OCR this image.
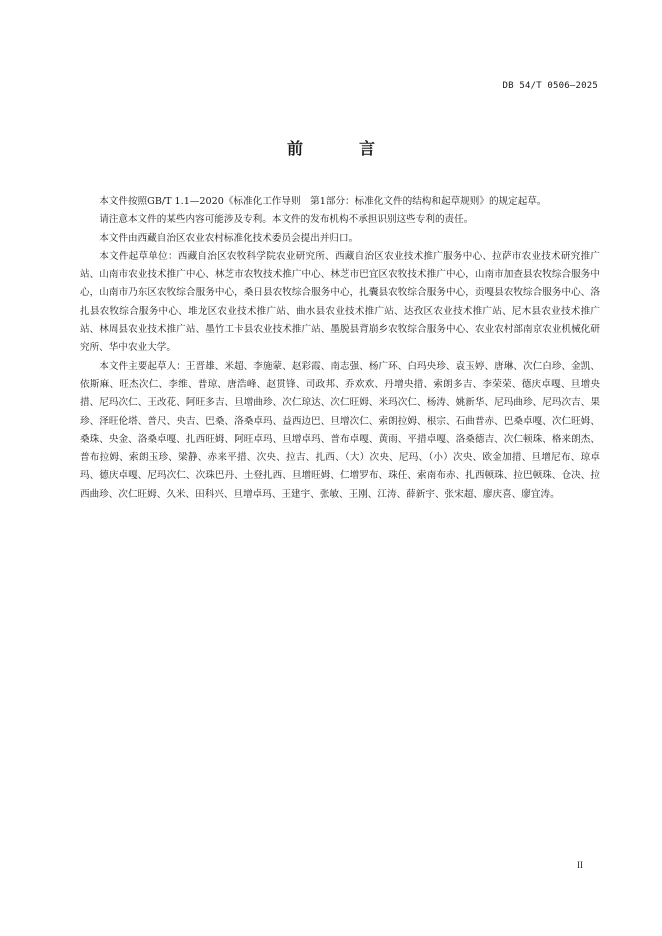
DB 54/T 0506—2025
前　言

本文件按照GB/T 1.1—2020《标准化工作导则　第1部分：标准化文件的结构和起草规则》的规定起草。

请注意本文件的某些内容可能涉及专利。本文件的发布机构不承担识别这些专利的责任。

本文件由西藏自治区农业农村标准化技术委员会提出并归口。

本文件起草单位：西藏自治区农牧科学院农业研究所、西藏自治区农业技术推广服务中心、拉萨市农业技术研究推广站、山南市农业技术推广中心、林芝市农牧技术推广中心、林芝市巴宜区农牧技术推广中心，山南市加查县农牧综合服务中心，山南市乃东区农牧综合服务中心，桑日县农牧综合服务中心，扎囊县农牧综合服务中心，贡嘎县农牧综合服务中心、洛扎县农牧综合服务中心、堆龙区农业技术推广站、曲水县农业技术推广站、达孜区农业技术推广站、尼木县农业技术推广站、林周县农业技术推广站、墨竹工卡县农业技术推广站、墨脱县背崩乡农牧综合服务中心、农业农村部南京农业机械化研究所、华中农业大学。

本文件主要起草人：王晋雄、米超、李施蒙、赵彩霞、南志强、杨广环、白玛央珍、袁玉婷、唐琳、次仁白珍、金凯、依斯麻、旺杰次仁、李维、普琼、唐浩峰、赵贯锋、司政邦、乔欢欢、丹增央措、索朗多吉、李荣荣、德庆卓嘎、旦增央措、尼玛次仁、王改花、阿旺多吉、旦增曲珍、次仁琼达、次仁旺姆、米玛次仁、杨涛、姚新华、尼玛曲珍、尼玛次吉、果珍、泽旺伦塔、普尺、央吉、巴桑、洛桑卓玛、益西边巴、旦增次仁、索朗拉姆、根宗、石曲普赤、巴桑卓嘎、次仁旺姆、桑珠、央金、洛桑卓嘎、扎西旺姆、阿旺卓玛、旦增卓玛、普布卓嘎、黄雨、平措卓嘎、洛桑德吉、次仁顿珠、格来朗杰、普布拉姆、索朗玉珍、梁静、赤来平措、次央、拉吉、扎西、（大）次央、尼玛、（小）次央、欧金加措、旦增尼布、琼卓玛、德庆卓嘎、尼玛次仁、次珠巴丹、土登扎西、旦增旺姆、仁增罗布、珠任、索南布赤、扎西顿珠、拉巴顿珠、仓决、拉西曲珍、次仁旺姆、久米、田科兴、旦增卓玛、王建宇、张敏、王刚、江涛、薛新宇、张宋超、廖庆喜、廖宜涛。

II
